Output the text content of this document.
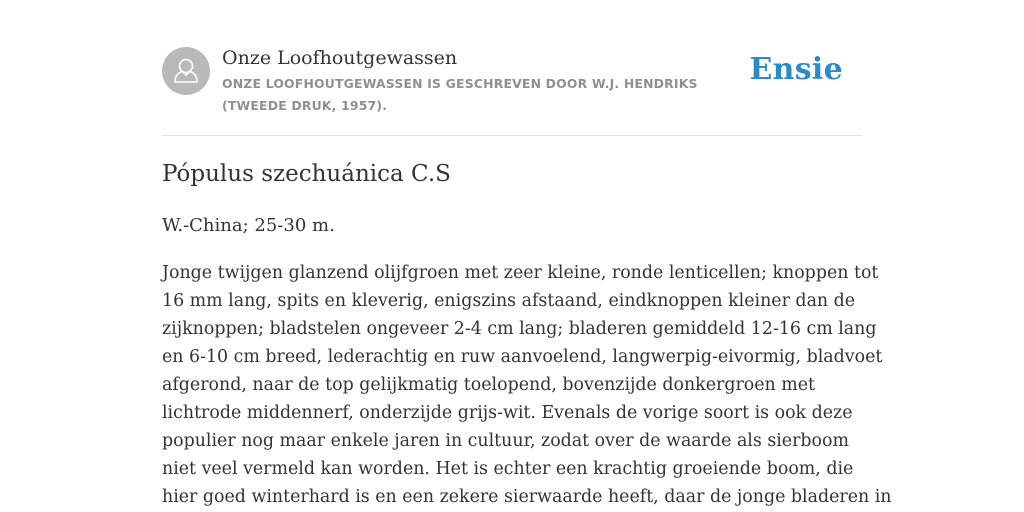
Onze Loofhoutgewassen
ONZE LOOFHOUTGEWASSEN IS GESCHREVEN DOOR W.J. HENDRIKS (TWEEDE DRUK, 1957).
Ensie
Pópulus szechuánica C.S
W.-China; 25-30 m.
Jonge twijgen glanzend olijfgroen met zeer kleine, ronde lenticellen; knoppen tot
16 mm lang, spits en kleverig, enigszins afstaand, eindknoppen kleiner dan de
zijknoppen; bladstelen ongeveer 2-4 cm lang; bladeren gemiddeld 12-16 cm lang
en 6-10 cm breed, lederachtig en ruw aanvoelend, langwerpig-eivormig, bladvoet
afgerond, naar de top gelijkmatig toelopend, bovenzijde donkergroen met
lichtrode middennerf, onderzijde grijs-wit. Evenals de vorige soort is ook deze
populier nog maar enkele jaren in cultuur, zodat over de waarde als sierboom
niet veel vermeld kan worden. Het is echter een krachtig groeiende boom, die
hier goed winterhard is en een zekere sierwaarde heeft, daar de jonge bladeren in
